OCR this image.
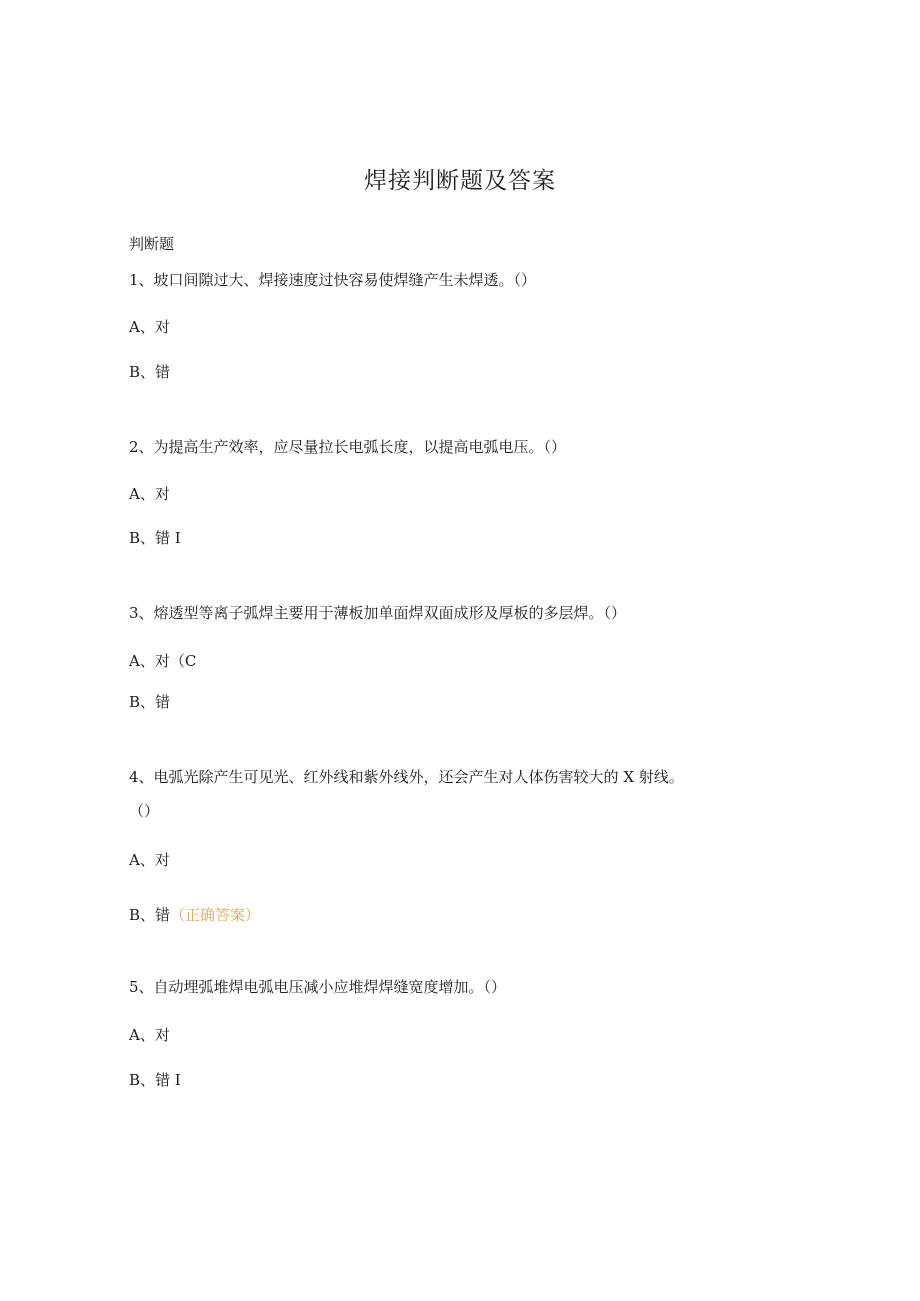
焊接判断题及答案
判断题
1、坡口间隙过大、焊接速度过快容易使焊缝产生未焊透。（）
A、对
B、错
2、为提高生产效率，应尽量拉长电弧长度，以提高电弧电压。（）
A、对
B、错 I
3、熔透型等离子弧焊主要用于薄板加单面焊双面成形及厚板的多层焊。（）
A、对（C
B、错
4、电弧光除产生可见光、红外线和紫外线外，还会产生对人体伤害较大的 X 射线。
（）
A、对
B、错（正确答案）
5、自动埋弧堆焊电弧电压减小应堆焊焊缝宽度增加。（）
A、对
B、错 I
